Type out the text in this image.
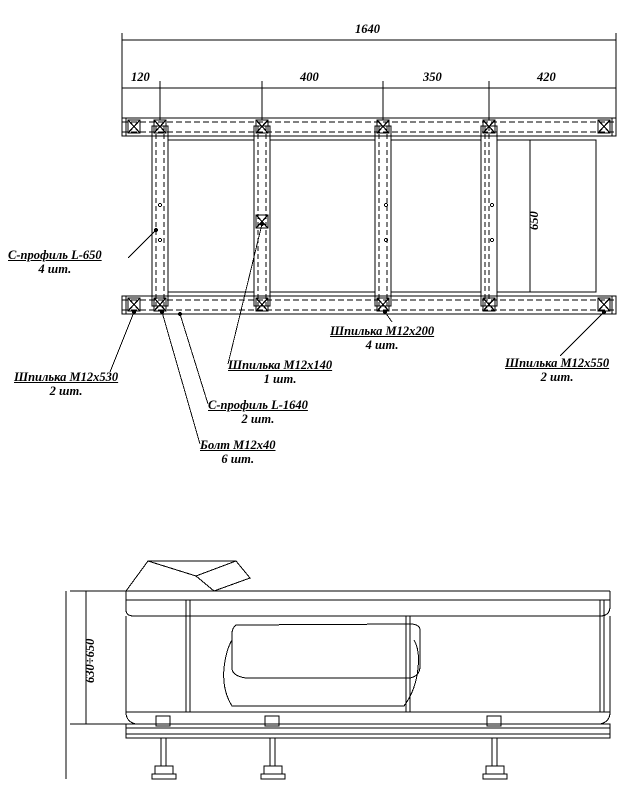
1640
120	400	350	420
650
630÷650
С-профиль L-650
4 шт.
Шпилька М12х530
2 шт.
Болт М12х40
6 шт.
С-профиль L-1640
2 шт.
Шпилька М12х140
1 шт.
Шпилька М12х200
4 шт.
Шпилька М12х550
2 шт.
